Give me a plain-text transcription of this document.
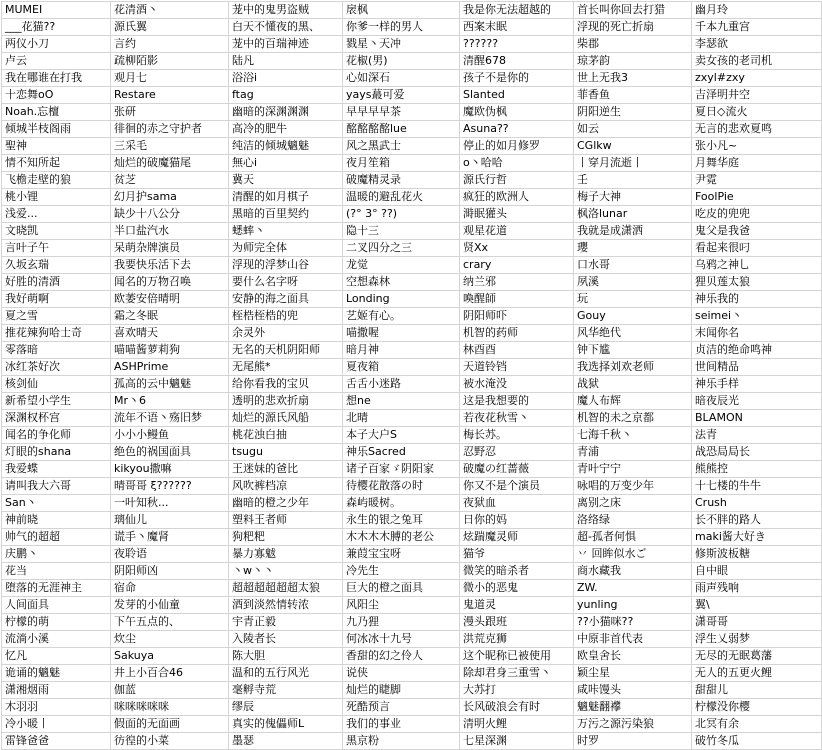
MUMEI	花清酒丶	茏中的鬼男盗贼	扆枫	我是你无法超越的	首长叫你回去打猎	幽月玲
___花猫??	源氏翼	白天不懂夜的黑、	你爹一样的男人	西案末眠	浮现的死亡折扇	千本九重宫
两仪小刀	言约	茏中的百瑞神迹	戮星丶天冲	??????	柴郡	李瑟欲
卢云	疏柳陌影	陆凡	花椒(男)	清醒678	琼茅韵	卖女孩的老司机
我在哪谁在打我	观月七	浴浴i	心如深石	孩子不是你的	世上无我3	zxyl#zxy
十恋舞oO	Restare	ftag	yays蕞可爱	Slanted	菲香鱼	吉泽明井空
Noah.忘檀	张研	幽暗的深渊渊渊	早早早早茶	魔欧伪枫	阴阳逆生	夏日◇流火
倾城半枝阁雨	徘徊的赤之守护者	高冷的肥牛	酩酩酩酩lue	Asuna??	如云	无言的悲欢夏鸣
聖神	三采毛	纯洁的倾城魑魅	风之黑武士	停止的如月修罗	CGlkw	张小凡~
情不知所起	灿烂的破魔猫尾	無心i	夜月笙箱	o丶哈哈	丨穿月流逝丨	月舞华庭
飞檐走壁的狼	贫芝	冀天	破魔精灵录	源氏行哲	壬	尹霓
桃小锂	幻月护sama	清醒的如月棋子	温暖的避乱花火	疯狂的欧洲人	梅子大神	FoolPie
浅爱...	缺少十八公分	黑暗的百里契约	(?° 3° ??)	溡眠獾头	枫洛lunar	吃皮的兜兜
文晓凯	半口盐汽水	蟋蟀丶	隐十三	观星花道	我就是成潇洒	鬼父是我爸
言叶子午	呆萌杂牌演员	为师完全体	二叉四分之三	贤Xx	瓔	看起来很叼
久坂玄瑞	我要快乐活下去	浮现的浮梦山谷	龙觉	crary	口水哥	乌鸦之神乚
好胜的清酒	闻名的万物召唤	要什么名字呀	空想森林	纳兰邪	夙溪	狸贝莲太狼
我好萌啊	欧萎安倍晴明	安静的海之面具	Londing	喚醒師	玩	神乐我的
夏之雪	霜之冬眠	桎梏桎梏的兜	艺姬有心。	阴阳师吓	Gouy	seimei丶
推花辣狗哈士奇	喜欢晴天	余灵外	喵撒喔	机智的药师	风华绝代	末闻你名
零落暗	喵喵酱萝莉狗	无名的天机阴阳师	暗月神	林酉酉	钟下尴	贞洁的绝命鸣神
冰红茶好次	ASHPrime	无尾熊*	夏夜箱	天道铃铛	我选择刘欢老师	世间精品
核剑仙	孤高的云中魑魅	给你看我的宝贝	舌舌小迷路	被水淹没	战狱	神乐手样
新希望小学生	Mr丶6	透明的悲欢折扇	想ne	这是我想要的	魔人布辉	暗夜辰光
深渊权杯宫	流年不语丶殇旧梦	灿烂的源氏风船	北晴	若夜花秋雪丶	机智的未之京都	BLAMON
闻名的争化师	小小小鳗鱼	桃花浊白抽	本子大户S	梅长苏。	七海千秋丶	法青
灯眼的shana	绝色的祸国面具	tsugu	神乐Sacred	忍野忍	青浦	战恐局局长
我爱蝶	kikyou撒嘛	王迷妹的爸比	诸子百家ゞ阴阳家	破魔の红蔷薇	青叶宁宁	熊熊控
请叫我大六哥	晴哥哥 ξ??????	风吹裤档凉	待樱花散落の时	你又不是个演员	咏唱的万变少年	十七楼的牛牛
San丶	一叶知秋...	幽暗的橙之少年	森屿暖树。	夜狱血	离别之床	Crush
神前晓	璃仙儿	塑料王者师	永生的银之兔耳	日你的妈	洛络绿	长不胖的路人
帅气的超超	谎手丶魔肾	狗粑粑	木木木木膊的老公	炫踹魔灵师	超-孤者何惧	maki酱大好き
庆鹏丶	夜聆语	暴力寡魃	兼葭宝宝呀	猫爷	丷 回眸似水ご	修斯波板糖
花当	阴阳师凶	丶w丶丶	冷先生	微笑的暗杀者	商水藏我	自中眼
堕落的无涯神主	宿命	超超超超超超太狼	巨大的橙之面具	微小的恶鬼	ZW.	雨声残响
人间面具	发芽的小仙童	酒到淡然情转浓	风阳尘	鬼道灵	yunling	翼\
柠檬的萌	下午五点的、	宇青正毅	九乃狸	漫头跟班	??小猫咪??	潇哥哥
流淌小溪	炊尘	入陵者长	何冰冰十九号	洪荒克狮	中原非首代表	浮生乂弱梦
忆凡	Sakuya	陈大胆	香甜的幻之伶人	这个昵称已被使用	欧皇舍长	无尽的无眠葛藩
诡诵的魑魅	井上小百合46	温和的五行风光	说侠	除却君身三重雪丶	颖尘星	无人的五更火鲤
潇湘烟雨	伽蓝	毫孵寺荒	灿烂的睫脚	大苏打	咸咔馒头	甜甜儿
木羽羽	咪咪咪咪咪	缪辰	死酷预言	长风破浪会有时	魑魅翻襻	柠檬没你樱
冷小暖丨	假面的无面画	真实的傀儡师L	我们的事业	清明火鲤	万污之源污染狼	北冥有余
雷锋爸爸	彷徨的小菜	墨瑟	黑京粉	七星深渊	时罗	破竹冬瓜
